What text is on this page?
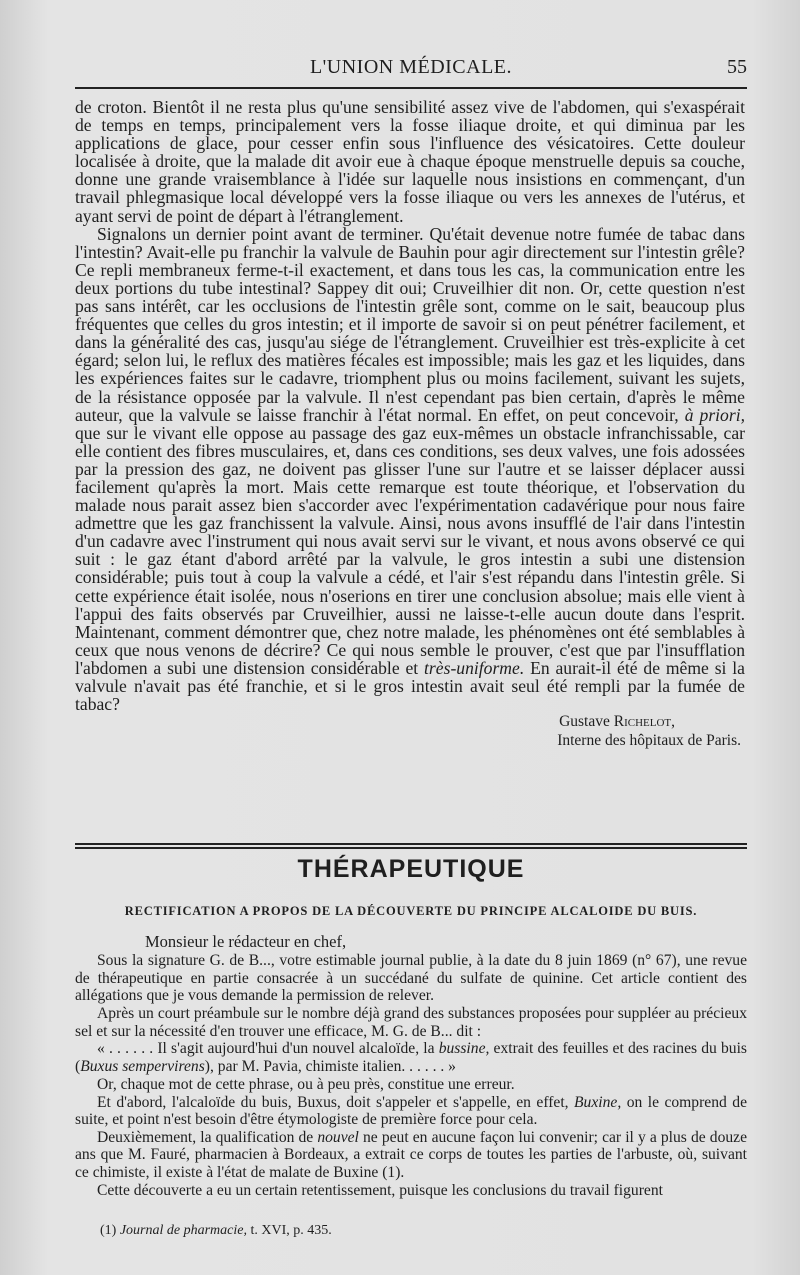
L'UNION MÉDICALE.	55

de croton. Bientôt il ne resta plus qu'une sensibilité assez vive de l'abdomen, qui s'exaspérait de temps en temps, principalement vers la fosse iliaque droite, et qui diminua par les applications de glace, pour cesser enfin sous l'influence des vésicatoires. Cette douleur localisée à droite, que la malade dit avoir eue à chaque époque menstruelle depuis sa couche, donne une grande vraisemblance à l'idée sur laquelle nous insistions en commençant, d'un travail phlegmasique local développé vers la fosse iliaque ou vers les annexes de l'utérus, et ayant servi de point de départ à l'étranglement.

Signalons un dernier point avant de terminer. Qu'était devenue notre fumée de tabac dans l'intestin? Avait-elle pu franchir la valvule de Bauhin pour agir directement sur l'intestin grêle? Ce repli membraneux ferme-t-il exactement, et dans tous les cas, la communication entre les deux portions du tube intestinal? Sappey dit oui; Cruveilhier dit non. Or, cette question n'est pas sans intérêt, car les occlusions de l'intestin grêle sont, comme on le sait, beaucoup plus fréquentes que celles du gros intestin; et il importe de savoir si on peut pénétrer facilement, et dans la généralité des cas, jusqu'au siége de l'étranglement. Cruveilhier est très-explicite à cet égard; selon lui, le reflux des matières fécales est impossible; mais les gaz et les liquides, dans les expériences faites sur le cadavre, triomphent plus ou moins facilement, suivant les sujets, de la résistance opposée par la valvule. Il n'est cependant pas bien certain, d'après le même auteur, que la valvule se laisse franchir à l'état normal. En effet, on peut concevoir, à priori, que sur le vivant elle oppose au passage des gaz eux-mêmes un obstacle infranchissable, car elle contient des fibres musculaires, et, dans ces conditions, ses deux valves, une fois adossées par la pression des gaz, ne doivent pas glisser l'une sur l'autre et se laisser déplacer aussi facilement qu'après la mort. Mais cette remarque est toute théorique, et l'observation du malade nous parait assez bien s'accorder avec l'expérimentation cadavérique pour nous faire admettre que les gaz franchissent la valvule. Ainsi, nous avons insufflé de l'air dans l'intestin d'un cadavre avec l'instrument qui nous avait servi sur le vivant, et nous avons observé ce qui suit : le gaz étant d'abord arrêté par la valvule, le gros intestin a subi une distension considérable; puis tout à coup la valvule a cédé, et l'air s'est répandu dans l'intestin grêle. Si cette expérience était isolée, nous n'oserions en tirer une conclusion absolue; mais elle vient à l'appui des faits observés par Cruveilhier, aussi ne laisse-t-elle aucun doute dans l'esprit. Maintenant, comment démontrer que, chez notre malade, les phénomènes ont été semblables à ceux que nous venons de décrire? Ce qui nous semble le prouver, c'est que par l'insufflation l'abdomen a subi une distension considérable et très-uniforme. En aurait-il été de même si la valvule n'avait pas été franchie, et si le gros intestin avait seul été rempli par la fumée de tabac?

Gustave Richelot,
Interne des hôpitaux de Paris.
THÉRAPEUTIQUE
RECTIFICATION A PROPOS DE LA DÉCOUVERTE DU PRINCIPE ALCALOIDE DU BUIS.

Monsieur le rédacteur en chef,

Sous la signature G. de B..., votre estimable journal publie, à la date du 8 juin 1869 (n° 67), une revue de thérapeutique en partie consacrée à un succédané du sulfate de quinine. Cet article contient des allégations que je vous demande la permission de relever.

Après un court préambule sur le nombre déjà grand des substances proposées pour suppléer au précieux sel et sur la nécessité d'en trouver une efficace, M. G. de B... dit :

« . . . . . . Il s'agit aujourd'hui d'un nouvel alcaloïde, la bussine, extrait des feuilles et des racines du buis (Buxus sempervirens), par M. Pavia, chimiste italien. . . . . . »

Or, chaque mot de cette phrase, ou à peu près, constitue une erreur.

Et d'abord, l'alcaloïde du buis, Buxus, doit s'appeler et s'appelle, en effet, Buxine, on le comprend de suite, et point n'est besoin d'être étymologiste de première force pour cela.

Deuxièmement, la qualification de nouvel ne peut en aucune façon lui convenir; car il y a plus de douze ans que M. Fauré, pharmacien à Bordeaux, a extrait ce corps de toutes les parties de l'arbuste, où, suivant ce chimiste, il existe à l'état de malate de Buxine (1).

Cette découverte a eu un certain retentissement, puisque les conclusions du travail figurent

(1) Journal de pharmacie, t. XVI, p. 435.
